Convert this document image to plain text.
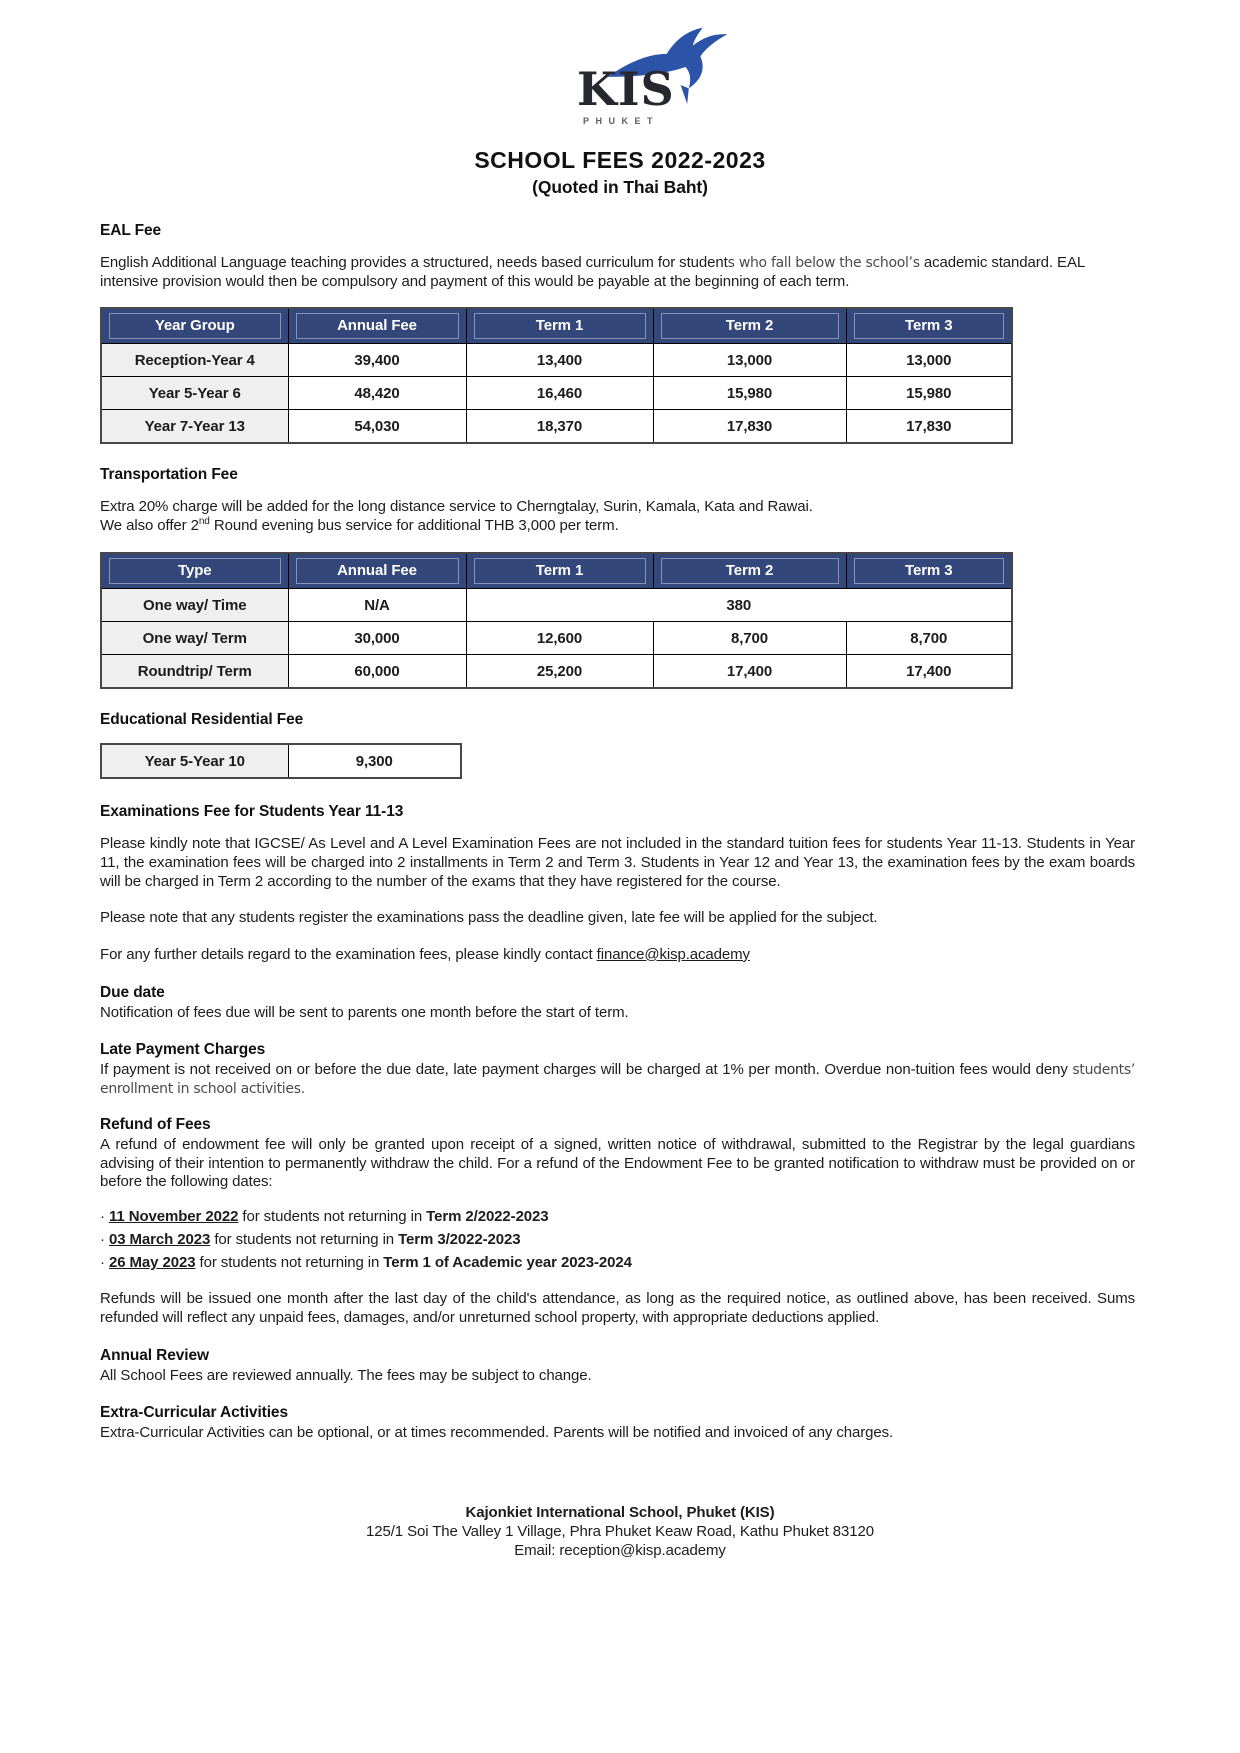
KIS
PHUKET
SCHOOL FEES 2022-2023
(Quoted in Thai Baht)
EAL Fee

English Additional Language teaching provides a structured, needs based curriculum for students who fall below the school’s academic standard. EAL intensive provision would then be compulsory and payment of this would be payable at the beginning of each term.

Year Group	Annual Fee	Term 1	Term 2	Term 3

Reception-Year 4	39,400	13,400	13,000	13,000
Year 5-Year 6	48,420	16,460	15,980	15,980
Year 7-Year 13	54,030	18,370	17,830	17,830
Transportation Fee

Extra 20% charge will be added for the long distance service to Cherngtalay, Surin, Kamala, Kata and Rawai.
We also offer 2nd Round evening bus service for additional THB 3,000 per term.

Type	Annual Fee	Term 1	Term 2	Term 3

One way/ Time	N/A	380		
One way/ Term	30,000	12,600	8,700	8,700
Roundtrip/ Term	60,000	25,200	17,400	17,400
Educational Residential Fee
Year 5-Year 10	9,300
Examinations Fee for Students Year 11-13

Please kindly note that IGCSE/ As Level and A Level Examination Fees are not included in the standard tuition fees for students Year 11-13. Students in Year 11, the examination fees will be charged into 2 installments in Term 2 and Term 3. Students in Year 12 and Year 13, the examination fees by the exam boards will be charged in Term 2 according to the number of the exams that they have registered for the course.

Please note that any students register the examinations pass the deadline given, late fee will be applied for the subject.

For any further details regard to the examination fees, please kindly contact finance@kisp.academy

Due date

Notification of fees due will be sent to parents one month before the start of term.

Late Payment Charges

If payment is not received on or before the due date, late payment charges will be charged at 1% per month. Overdue non-tuition fees would deny students’ enrollment in school activities.

Refund of Fees

A refund of endowment fee will only be granted upon receipt of a signed, written notice of withdrawal, submitted to the Registrar by the legal guardians advising of their intention to permanently withdraw the child. For a refund of the Endowment Fee to be granted notification to withdraw must be provided on or before the following dates:

· 11 November 2022 for students not returning in Term 2/2022-2023
· 03 March 2023 for students not returning in Term 3/2022-2023
· 26 May 2023 for students not returning in Term 1 of Academic year 2023-2024

Refunds will be issued one month after the last day of the child's attendance, as long as the required notice, as outlined above, has been received. Sums refunded will reflect any unpaid fees, damages, and/or unreturned school property, with appropriate deductions applied.

Annual Review

All School Fees are reviewed annually. The fees may be subject to change.

Extra-Curricular Activities

Extra-Curricular Activities can be optional, or at times recommended. Parents will be notified and invoiced of any charges.

Kajonkiet International School, Phuket (KIS)
125/1 Soi The Valley 1 Village, Phra Phuket Keaw Road, Kathu Phuket 83120
Email: reception@kisp.academy
